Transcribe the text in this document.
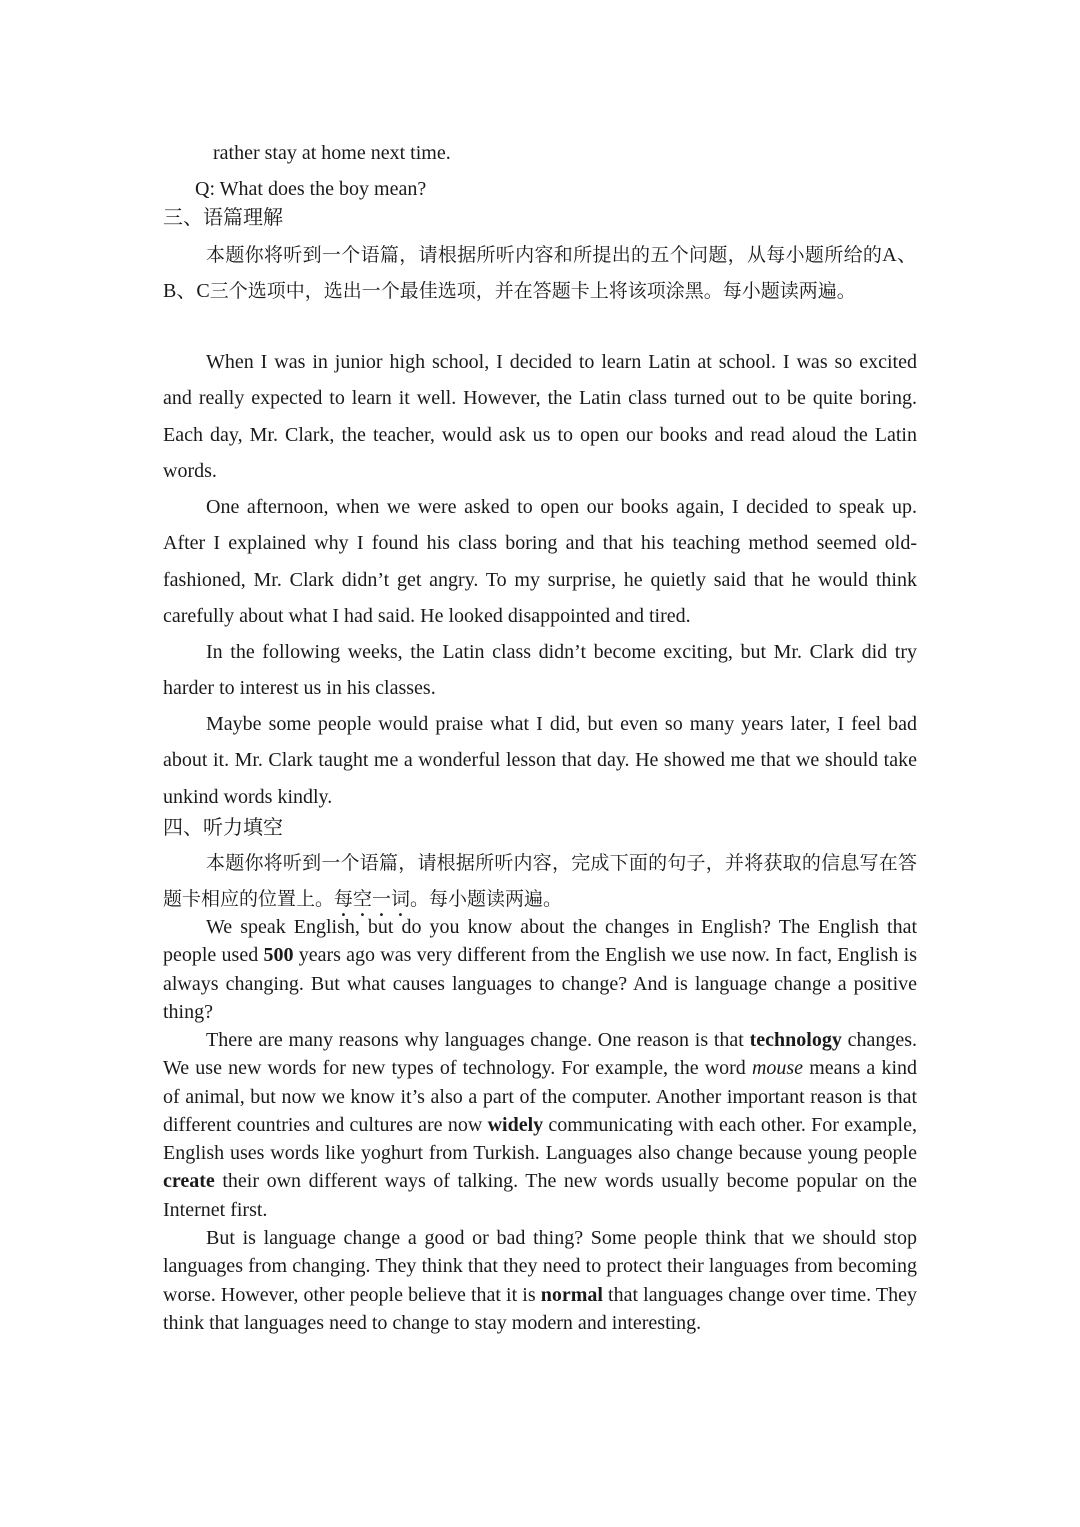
rather stay at home next time.
Q: What does the boy mean?
三、语篇理解
本题你将听到一个语篇，请根据所听内容和所提出的五个问题，从每小题所给的A、B、C三个选项中，选出一个最佳选项，并在答题卡上将该项涂黑。每小题读两遍。
When I was in junior high school, I decided to learn Latin at school. I was so excited and really expected to learn it well. However, the Latin class turned out to be quite boring. Each day, Mr. Clark, the teacher, would ask us to open our books and read aloud the Latin words.
One afternoon, when we were asked to open our books again, I decided to speak up. After I explained why I found his class boring and that his teaching method seemed old-fashioned, Mr. Clark didn’t get angry. To my surprise, he quietly said that he would think carefully about what I had said. He looked disappointed and tired.
In the following weeks, the Latin class didn’t become exciting, but Mr. Clark did try harder to interest us in his classes.
Maybe some people would praise what I did, but even so many years later, I feel bad about it. Mr. Clark taught me a wonderful lesson that day. He showed me that we should take unkind words kindly.
四、听力填空
本题你将听到一个语篇，请根据所听内容，完成下面的句子，并将获取的信息写在答题卡相应的位置上。每空一词。每小题读两遍。
We speak English, but do you know about the changes in English? The English that people used 500 years ago was very different from the English we use now. In fact, English is always changing. But what causes languages to change? And is language change a positive thing?
There are many reasons why languages change. One reason is that technology changes. We use new words for new types of technology. For example, the word mouse means a kind of animal, but now we know it’s also a part of the computer. Another important reason is that different countries and cultures are now widely communicating with each other. For example, English uses words like yoghurt from Turkish. Languages also change because young people create their own different ways of talking. The new words usually become popular on the Internet first.
But is language change a good or bad thing? Some people think that we should stop languages from changing. They think that they need to protect their languages from becoming worse. However, other people believe that it is normal that languages change over time. They think that languages need to change to stay modern and interesting.
